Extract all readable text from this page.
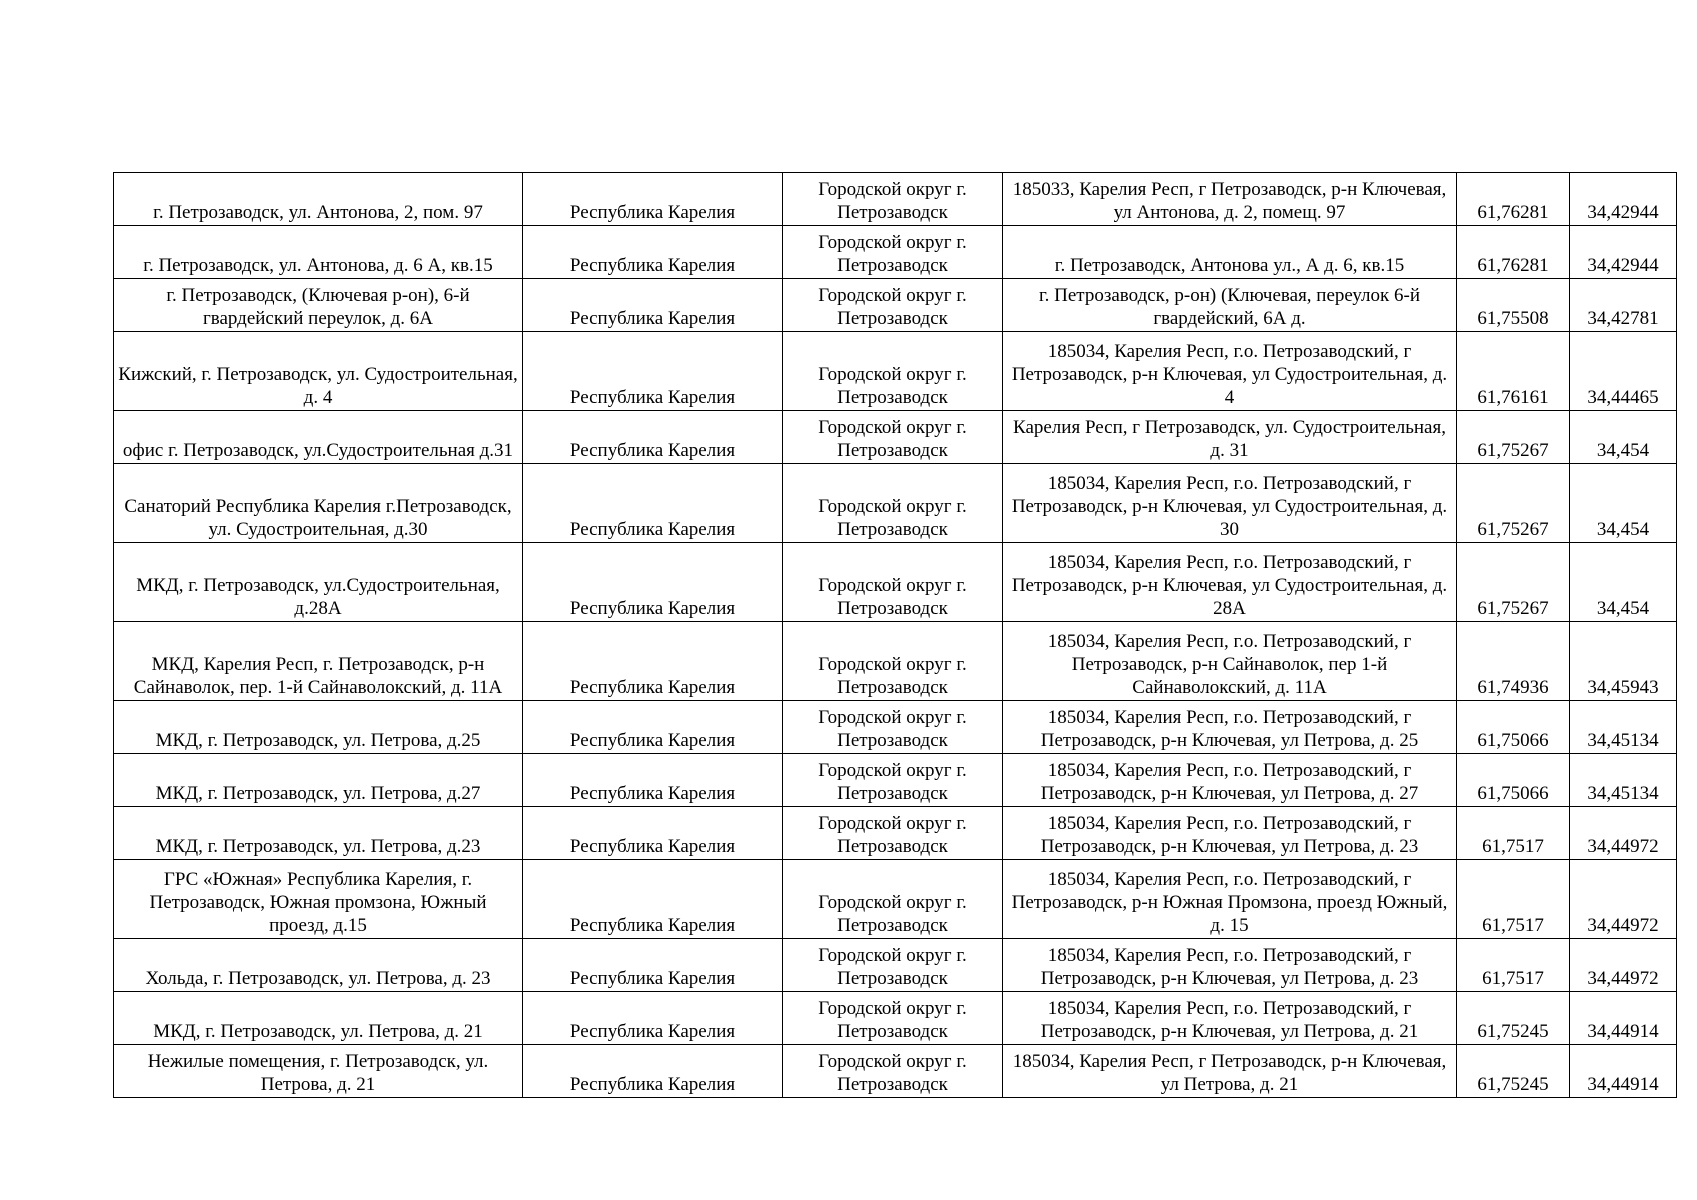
г. Петрозаводск, ул. Антонова, 2, пом. 97	Республика Карелия	Городской округ г. Петрозаводск	185033, Карелия Респ, г Петрозаводск, р-н Ключевая, ул Антонова, д. 2, помещ. 97	61,76281	34,42944
г. Петрозаводск, ул. Антонова, д. 6 А, кв.15	Республика Карелия	Городской округ г. Петрозаводск	г. Петрозаводск, Антонова ул., А д. 6, кв.15	61,76281	34,42944
г. Петрозаводск, (Ключевая р-он), 6-й гвардейский переулок, д. 6А	Республика Карелия	Городской округ г. Петрозаводск	г. Петрозаводск, р-он) (Ключевая, переулок 6-й гвардейский, 6А д.	61,75508	34,42781
Кижский, г. Петрозаводск, ул. Судостроительная, д. 4	Республика Карелия	Городской округ г. Петрозаводск	185034, Карелия Респ, г.о. Петрозаводский, г Петрозаводск, р-н Ключевая, ул Судостроительная, д. 4	61,76161	34,44465
офис г. Петрозаводск, ул.Судостроительная д.31	Республика Карелия	Городской округ г. Петрозаводск	Карелия Респ, г Петрозаводск, ул. Судостроительная, д. 31	61,75267	34,454
Санаторий Республика Карелия г.Петрозаводск, ул. Судостроительная, д.30	Республика Карелия	Городской округ г. Петрозаводск	185034, Карелия Респ, г.о. Петрозаводский, г Петрозаводск, р-н Ключевая, ул Судостроительная, д. 30	61,75267	34,454
МКД, г. Петрозаводск, ул.Судостроительная, д.28А	Республика Карелия	Городской округ г. Петрозаводск	185034, Карелия Респ, г.о. Петрозаводский, г Петрозаводск, р-н Ключевая, ул Судостроительная, д. 28А	61,75267	34,454
МКД, Карелия Респ, г. Петрозаводск, р-н Сайнаволок, пер. 1-й Сайнаволокский, д. 11А	Республика Карелия	Городской округ г. Петрозаводск	185034, Карелия Респ, г.о. Петрозаводский, г Петрозаводск, р-н Сайнаволок, пер 1-й Сайнаволокский, д. 11А	61,74936	34,45943
МКД, г. Петрозаводск, ул. Петрова, д.25	Республика Карелия	Городской округ г. Петрозаводск	185034, Карелия Респ, г.о. Петрозаводский, г Петрозаводск, р-н Ключевая, ул Петрова, д. 25	61,75066	34,45134
МКД, г. Петрозаводск, ул. Петрова, д.27	Республика Карелия	Городской округ г. Петрозаводск	185034, Карелия Респ, г.о. Петрозаводский, г Петрозаводск, р-н Ключевая, ул Петрова, д. 27	61,75066	34,45134
МКД, г. Петрозаводск, ул. Петрова, д.23	Республика Карелия	Городской округ г. Петрозаводск	185034, Карелия Респ, г.о. Петрозаводский, г Петрозаводск, р-н Ключевая, ул Петрова, д. 23	61,7517	34,44972
ГРС «Южная» Республика Карелия, г. Петрозаводск, Южная промзона, Южный проезд, д.15	Республика Карелия	Городской округ г. Петрозаводск	185034, Карелия Респ, г.о. Петрозаводский, г Петрозаводск, р-н Южная Промзона, проезд Южный, д. 15	61,7517	34,44972
Хольда, г. Петрозаводск, ул. Петрова, д. 23	Республика Карелия	Городской округ г. Петрозаводск	185034, Карелия Респ, г.о. Петрозаводский, г Петрозаводск, р-н Ключевая, ул Петрова, д. 23	61,7517	34,44972
МКД, г. Петрозаводск, ул. Петрова, д. 21	Республика Карелия	Городской округ г. Петрозаводск	185034, Карелия Респ, г.о. Петрозаводский, г Петрозаводск, р-н Ключевая, ул Петрова, д. 21	61,75245	34,44914
Нежилые помещения, г. Петрозаводск, ул. Петрова, д. 21	Республика Карелия	Городской округ г. Петрозаводск	185034, Карелия Респ, г Петрозаводск, р-н Ключевая, ул Петрова, д. 21	61,75245	34,44914
